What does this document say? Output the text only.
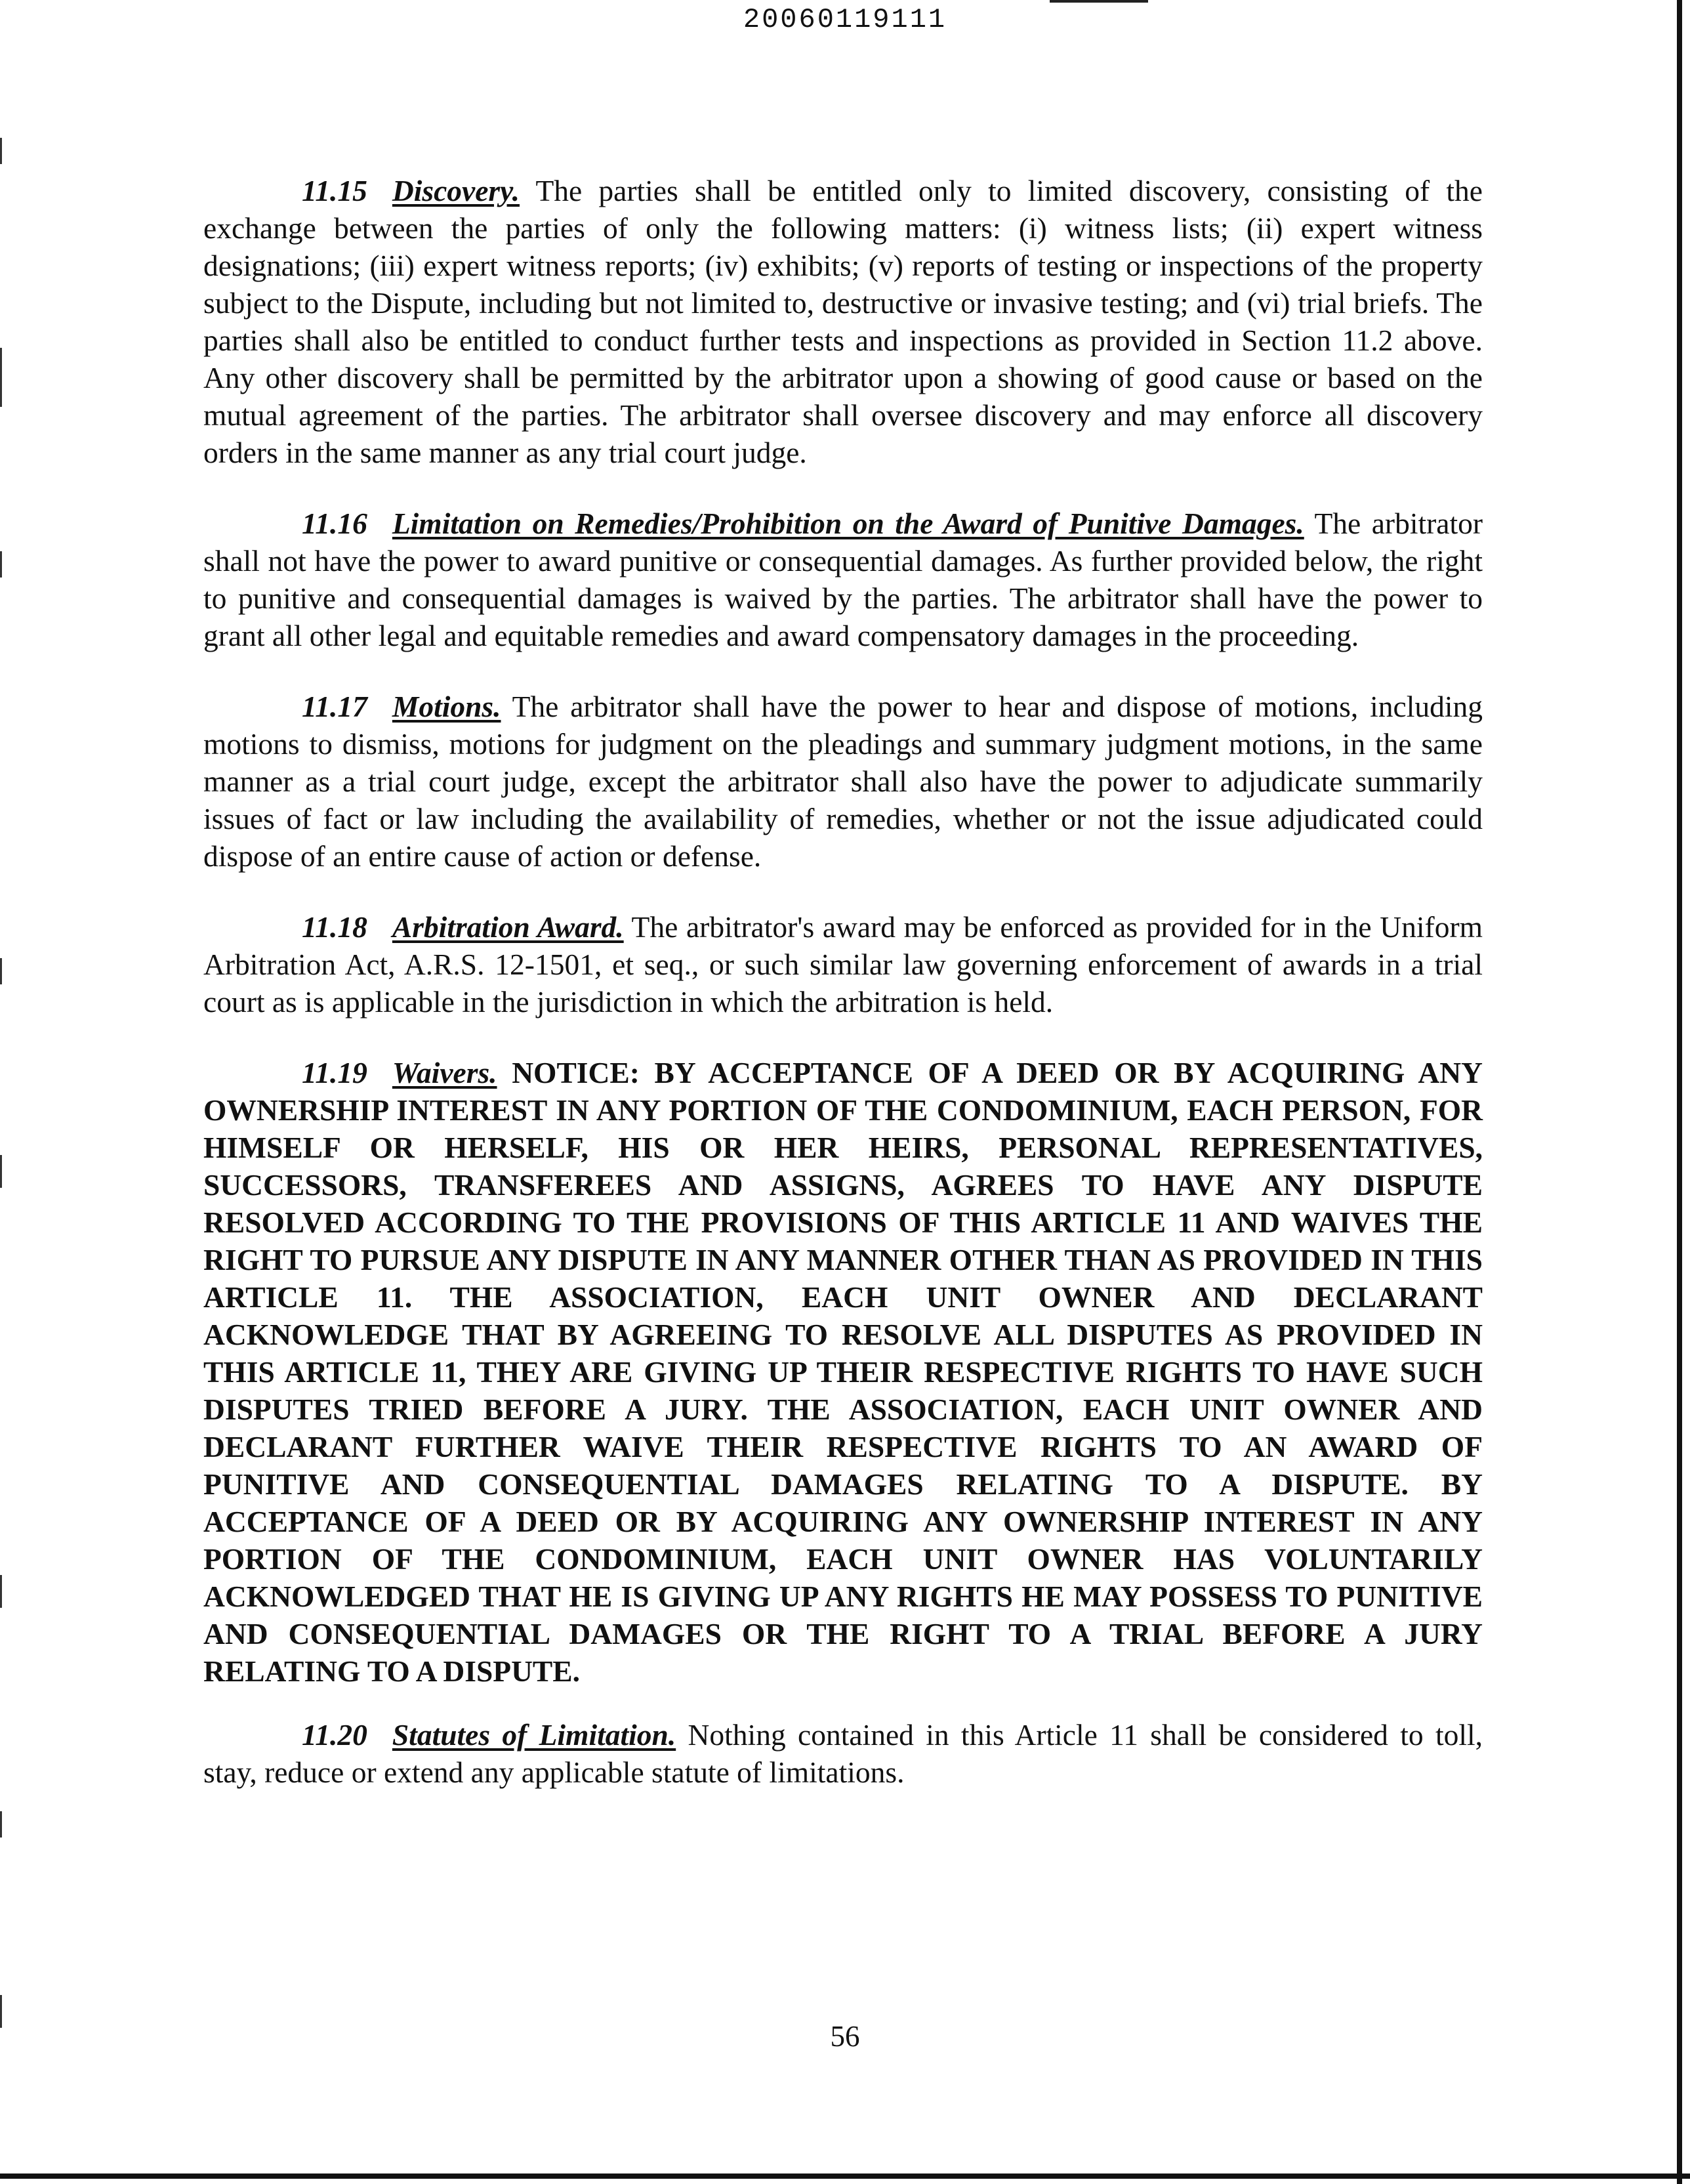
20060119111

11.15 Discovery. The parties shall be entitled only to limited discovery, consisting of the exchange between the parties of only the following matters: (i) witness lists; (ii) expert witness designations; (iii) expert witness reports; (iv) exhibits; (v) reports of testing or inspections of the property subject to the Dispute, including but not limited to, destructive or invasive testing; and (vi) trial briefs. The parties shall also be entitled to conduct further tests and inspections as provided in Section 11.2 above. Any other discovery shall be permitted by the arbitrator upon a showing of good cause or based on the mutual agreement of the parties. The arbitrator shall oversee discovery and may enforce all discovery orders in the same manner as any trial court judge.

11.16 Limitation on Remedies/Prohibition on the Award of Punitive Damages. The arbitrator shall not have the power to award punitive or consequential damages. As further provided below, the right to punitive and consequential damages is waived by the parties. The arbitrator shall have the power to grant all other legal and equitable remedies and award compensatory damages in the proceeding.

11.17 Motions. The arbitrator shall have the power to hear and dispose of motions, including motions to dismiss, motions for judgment on the pleadings and summary judgment motions, in the same manner as a trial court judge, except the arbitrator shall also have the power to adjudicate summarily issues of fact or law including the availability of remedies, whether or not the issue adjudicated could dispose of an entire cause of action or defense.

11.18 Arbitration Award. The arbitrator's award may be enforced as provided for in the Uniform Arbitration Act, A.R.S. 12-1501, et seq., or such similar law governing enforcement of awards in a trial court as is applicable in the jurisdiction in which the arbitration is held.

11.19 Waivers. NOTICE: BY ACCEPTANCE OF A DEED OR BY ACQUIRING ANY OWNERSHIP INTEREST IN ANY PORTION OF THE CONDOMINIUM, EACH PERSON, FOR HIMSELF OR HERSELF, HIS OR HER HEIRS, PERSONAL REPRESENTATIVES, SUCCESSORS, TRANSFEREES AND ASSIGNS, AGREES TO HAVE ANY DISPUTE RESOLVED ACCORDING TO THE PROVISIONS OF THIS ARTICLE 11 AND WAIVES THE RIGHT TO PURSUE ANY DISPUTE IN ANY MANNER OTHER THAN AS PROVIDED IN THIS ARTICLE 11. THE ASSOCIATION, EACH UNIT OWNER AND DECLARANT ACKNOWLEDGE THAT BY AGREEING TO RESOLVE ALL DISPUTES AS PROVIDED IN THIS ARTICLE 11, THEY ARE GIVING UP THEIR RESPECTIVE RIGHTS TO HAVE SUCH DISPUTES TRIED BEFORE A JURY. THE ASSOCIATION, EACH UNIT OWNER AND DECLARANT FURTHER WAIVE THEIR RESPECTIVE RIGHTS TO AN AWARD OF PUNITIVE AND CONSEQUENTIAL DAMAGES RELATING TO A DISPUTE. BY ACCEPTANCE OF A DEED OR BY ACQUIRING ANY OWNERSHIP INTEREST IN ANY PORTION OF THE CONDOMINIUM, EACH UNIT OWNER HAS VOLUNTARILY ACKNOWLEDGED THAT HE IS GIVING UP ANY RIGHTS HE MAY POSSESS TO PUNITIVE AND CONSEQUENTIAL DAMAGES OR THE RIGHT TO A TRIAL BEFORE A JURY RELATING TO A DISPUTE.

11.20 Statutes of Limitation. Nothing contained in this Article 11 shall be considered to toll, stay, reduce or extend any applicable statute of limitations.

56
